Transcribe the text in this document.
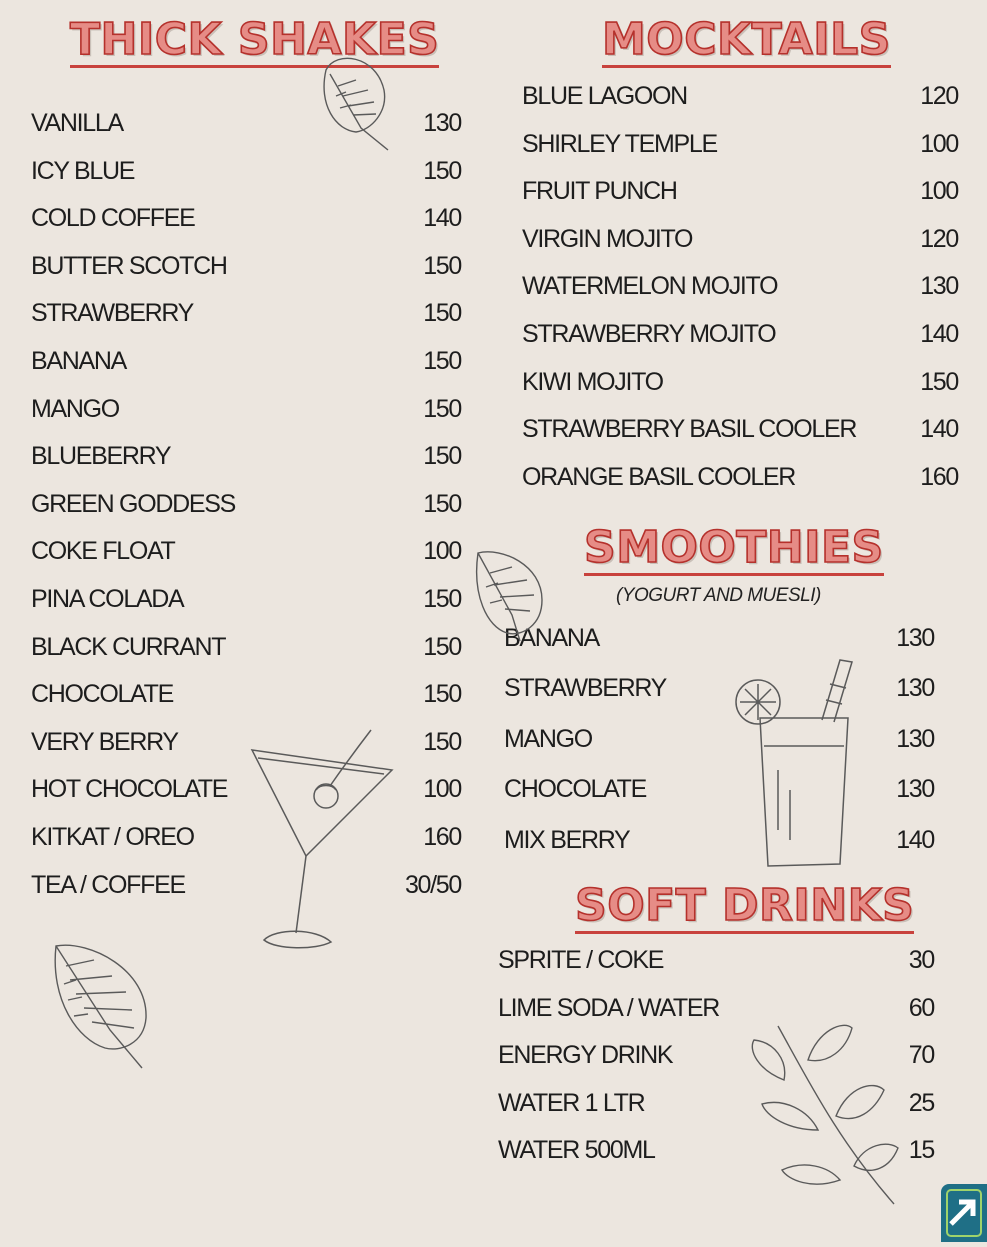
THICK SHAKES
VANILLA	130
ICY BLUE	150
COLD COFFEE	140
BUTTER SCOTCH	150
STRAWBERRY	150
BANANA	150
MANGO	150
BLUEBERRY	150
GREEN GODDESS	150
COKE FLOAT	100
PINA COLADA	150
BLACK CURRANT	150
CHOCOLATE	150
VERY BERRY	150
HOT CHOCOLATE	100
KITKAT / OREO	160
TEA / COFFEE	30/50
MOCKTAILS
BLUE LAGOON	120
SHIRLEY TEMPLE	100
FRUIT PUNCH	100
VIRGIN MOJITO	120
WATERMELON MOJITO	130
STRAWBERRY MOJITO	140
KIWI MOJITO	150
STRAWBERRY BASIL COOLER	140
ORANGE BASIL COOLER	160
SMOOTHIES
(YOGURT AND MUESLI)
BANANA	130
STRAWBERRY	130
MANGO	130
CHOCOLATE	130
MIX BERRY	140
SOFT DRINKS
SPRITE / COKE	30
LIME SODA / WATER	60
ENERGY DRINK	70
WATER 1 LTR	25
WATER 500ML	15
